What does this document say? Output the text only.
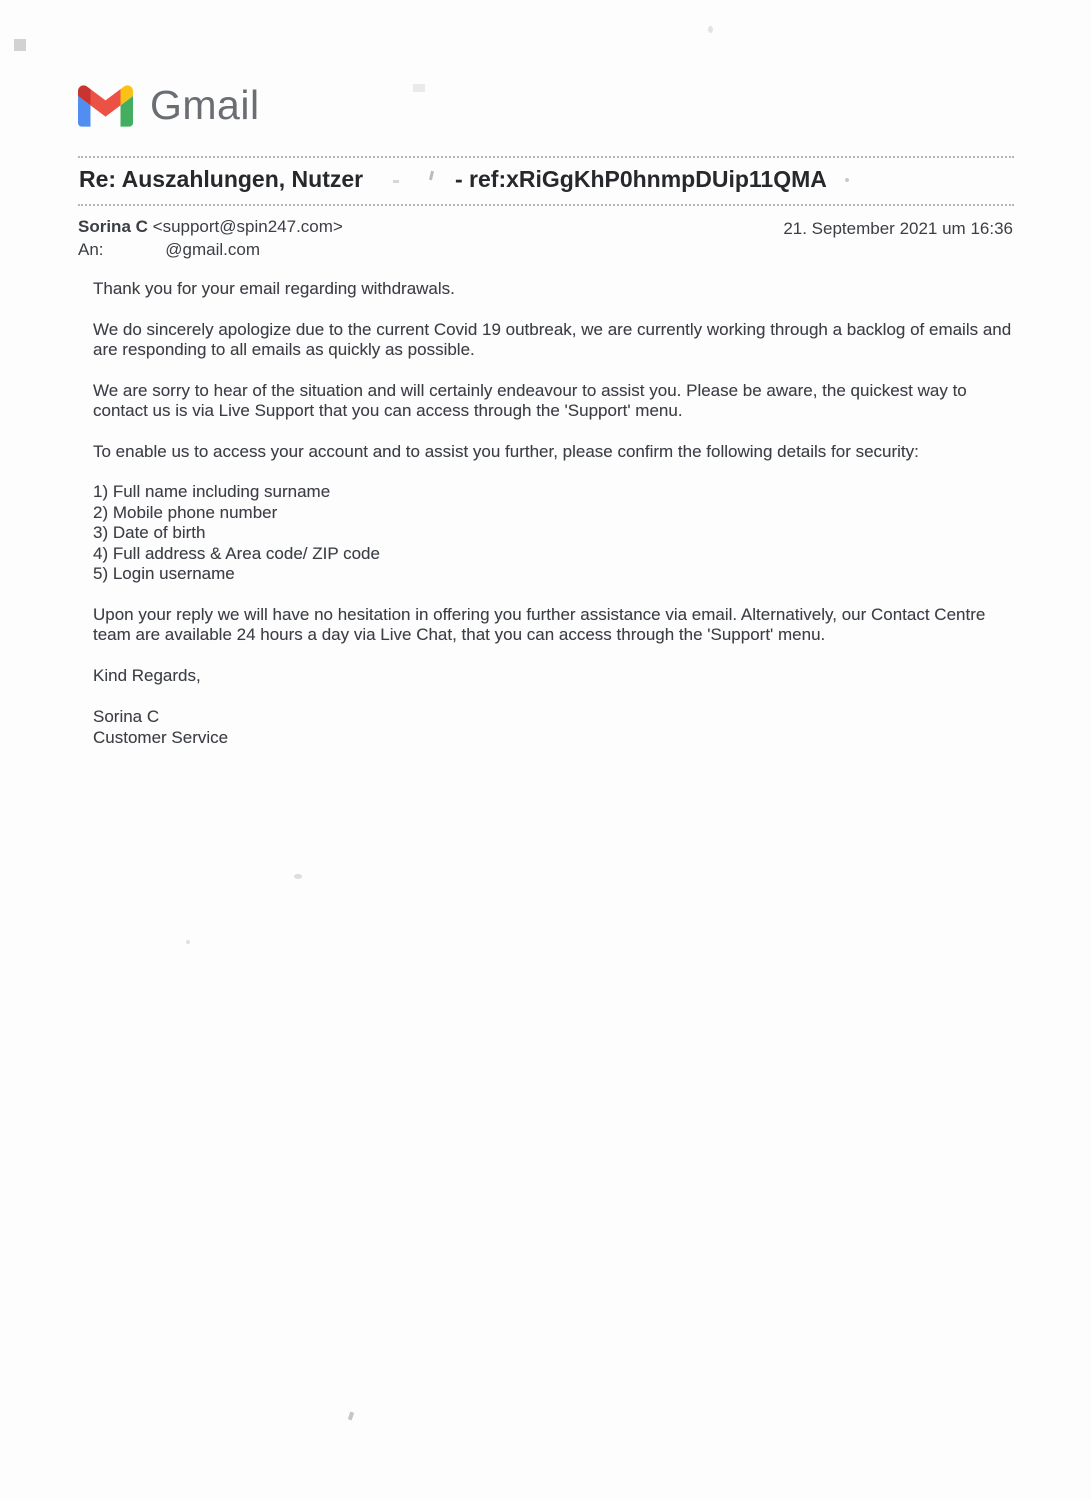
Gmail
Re: Auszahlungen, Nutzer	- ref:xRiGgKhP0hnmpDUip11QMA
Sorina C <support@spin247.com>	21. September 2021 um 16:36
An:	@gmail.com

Thank you for your email regarding withdrawals.

We do sincerely apologize due to the current Covid 19 outbreak, we are currently working through a backlog of emails and are responding to all emails as quickly as possible.

We are sorry to hear of the situation and will certainly endeavour to assist you. Please be aware, the quickest way to contact us is via Live Support that you can access through the 'Support' menu.

To enable us to access your account and to assist you further, please confirm the following details for security:

1) Full name including surname
2) Mobile phone number
3) Date of birth
4) Full address & Area code/ ZIP code
5) Login username

Upon your reply we will have no hesitation in offering you further assistance via email. Alternatively, our Contact Centre team are available 24 hours a day via Live Chat, that you can access through the 'Support' menu.

Kind Regards,

Sorina C
Customer Service
